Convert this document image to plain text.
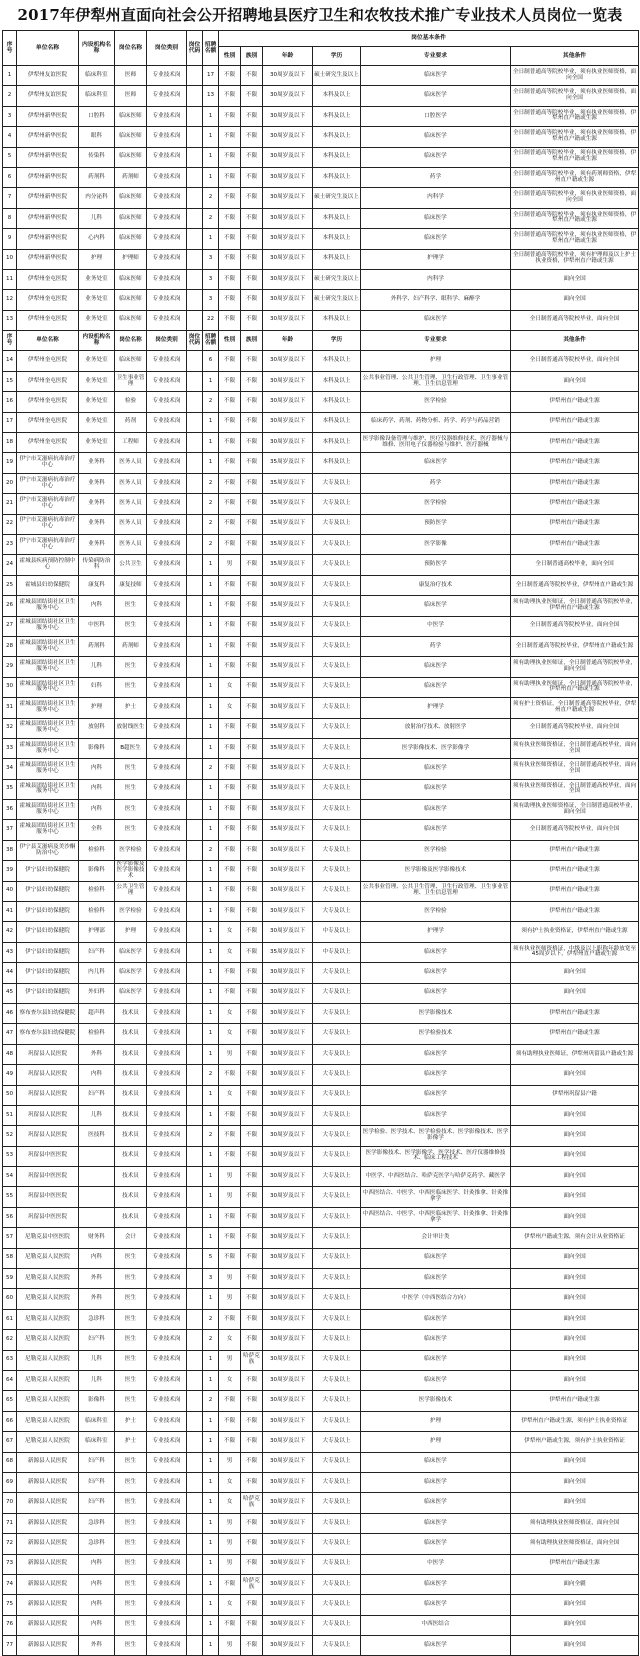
2017年伊犁州直面向社会公开招聘地县医疗卫生和农牧技术推广专业技术人员岗位一览表
序号	单位名称	内设机构名称	岗位名称	岗位类别	岗位代码	招聘名额	岗位基本条件					
							性别	族别	年龄	学历	专业要求	其他条件
1	伊犁州友谊医院	临床科室	医师	专业技术岗		17	不限	不限	30周岁及以下	硕士研究生及以上	临床医学	全日制普通高等院校毕业，须有执业医师资格，面向全国
2	伊犁州友谊医院	临床科室	医师	专业技术岗		13	不限	不限	30周岁及以下	本科及以上	临床医学	全日制普通高等院校毕业，须有执业医师资格，面向全国
3	伊犁州新华医院	口腔科	临床医师	专业技术岗		1	不限	不限	30周岁及以下	本科及以上	口腔医学	全日制普通高等院校毕业，须有执业医师资格，伊犁州直户籍或生源
4	伊犁州新华医院	眼科	临床医师	专业技术岗		1	不限	不限	30周岁及以下	本科及以上	临床医学	全日制普通高等院校毕业，须有执业医师资格，伊犁州直户籍或生源
5	伊犁州新华医院	传染科	临床医师	专业技术岗		1	不限	不限	30周岁及以下	本科及以上	临床医学	全日制普通高等院校毕业，须有执业医师资格，伊犁州直户籍或生源
6	伊犁州新华医院	药剂科	药剂师	专业技术岗		1	不限	不限	30周岁及以下	本科及以上	药学	全日制普通高等院校毕业，须有药剂师资格，伊犁州直户籍或生源
7	伊犁州新华医院	内分泌科	临床医师	专业技术岗		2	不限	不限	30周岁及以下	硕士研究生及以上	内科学	全日制普通高等院校毕业，须有执业医师资格，面向全国
8	伊犁州新华医院	儿科	临床医师	专业技术岗		2	不限	不限	30周岁及以下	本科及以上	临床医学	全日制普通高等院校毕业，须有执业医师资格，伊犁州直户籍或生源
9	伊犁州新华医院	心内科	临床医师	专业技术岗		1	不限	不限	30周岁及以下	本科及以上	临床医学	全日制普通高等院校毕业，须有执业医师资格，伊犁州直户籍或生源
10	伊犁州新华医院	护理	护理师	专业技术岗		3	不限	不限	30周岁及以下	本科及以上	护理学	全日制普通高等院校毕业，须有护理师及以上护士执业资格，伊犁州直户籍或生源
11	伊犁州奎屯医院	业务处室	临床医师	专业技术岗		3	不限	不限	30周岁及以下	硕士研究生及以上	内科学	面向全国
12	伊犁州奎屯医院	业务处室	临床医师	专业技术岗		3	不限	不限	30周岁及以下	硕士研究生及以上	外科学、妇产科学、眼科学、麻醉学	面向全国
13	伊犁州奎屯医院	业务处室	临床医师	专业技术岗		22	不限	不限	30周岁及以下	本科及以上	临床医学	全日制普通高等院校毕业，面向全国
序号	单位名称	内设机构名称	岗位名称	岗位类别	岗位代码	招聘名额	性别	族别	年龄	学历	专业要求	其他条件
14	伊犁州奎屯医院	业务处室	临床医师	专业技术岗		6	不限	不限	30周岁及以下	本科及以上	护理	全日制普通高等院校毕业，面向全国
15	伊犁州奎屯医院	业务处室	卫生事业管理	专业技术岗		1	不限	不限	30周岁及以下	本科及以上	公共事业管理、公共卫生管理、卫生行政管理、卫生事业管理、卫生信息管理	面向全国
16	伊犁州奎屯医院	业务处室	检验	专业技术岗		2	不限	不限	30周岁及以下	本科及以上	医学检验	伊犁州直户籍或生源
17	伊犁州奎屯医院	业务处室	药剂	专业技术岗		1	不限	不限	30周岁及以下	本科及以上	临床药学、药剂、药物分析、药学、药学与药品营销	伊犁州直户籍或生源
18	伊犁州奎屯医院	业务处室	工程师	专业技术岗		1	不限	不限	30周岁及以下	本科及以上	医学影像设备管理与维护、医疗仪器维修技术、医疗器械与维修、医用电子仪器检验与维护、医疗器械	伊犁州直户籍或生源
19	伊宁市艾滋病抗毒治疗中心	业务科	医务人员	专业技术岗		1	不限	不限	35周岁及以下	本科及以上	临床医学	伊犁州直户籍或生源
20	伊宁市艾滋病抗毒治疗中心	业务科	医务人员	专业技术岗		2	不限	不限	35周岁及以下	大专及以上	药学	伊犁州直户籍或生源
21	伊宁市艾滋病抗毒治疗中心	业务科	医务人员	专业技术岗		2	不限	不限	35周岁及以下	大专及以上	医学检验	伊犁州直户籍或生源
22	伊宁市艾滋病抗毒治疗中心	业务科	医务人员	专业技术岗		2	不限	不限	35周岁及以下	大专及以上	预防医学	伊犁州直户籍或生源
23	伊宁市艾滋病抗毒治疗中心	业务科	医务人员	专业技术岗		2	不限	不限	35周岁及以下	大专及以上	医学影像	伊犁州直户籍或生源
24	霍城县疾病预防控制中心	传染病防治科	公共卫生	专业技术岗		1	男	不限	35周岁及以下	大专及以上	预防医学	全日制普通高校毕业，面向全国
25	霍城县妇幼保健院	康复科	康复技师	专业技术岗		1	不限	不限	30周岁及以下	大专及以上	康复治疗技术	全日制普通高等院校毕业，伊犁州直户籍或生源
26	霍城县团结街社区卫生服务中心	内科	医生	专业技术岗		1	不限	不限	35周岁及以下	大专及以上	临床医学	须有助理执业医师证，全日制普通高等院校毕业，伊犁州直户籍或生源
27	霍城县团结街社区卫生服务中心	中医科	医生	专业技术岗		1	不限	不限	35周岁及以下	大专及以上	中医学	全日制普通高等院校毕业，面向全国
28	霍城县团结街社区卫生服务中心	药剂科	药剂师	专业技术岗		1	不限	不限	35周岁及以下	大专及以上	药学	全日制普通高等院校毕业，伊犁州直户籍或生源
29	霍城县团结街社区卫生服务中心	儿科	医生	专业技术岗		1	不限	不限	35周岁及以下	大专及以上	临床医学	须有助理执业医师证，全日制普通高等院校毕业，面向全国
30	霍城县团结街社区卫生服务中心	妇科	医生	专业技术岗		1	女	不限	35周岁及以下	大专及以上	临床医学	须有助理执业医师证，全日制普通高等院校毕业，伊犁州直户籍或生源
31	霍城县团结街社区卫生服务中心	护理	护士	专业技术岗		1	女	不限	30周岁及以下	大专及以上	护理学	须有护士资格证，全日制普通高等院校毕业，伊犁州直户籍或生源
32	霍城县团结街社区卫生服务中心	放射科	放射线医生	专业技术岗		1	不限	不限	35周岁及以下	大专及以上	放射治疗技术、放射医学	全日制普通高等院校毕业，面向全国
33	霍城县团结街社区卫生服务中心	影像科	B超医生	专业技术岗		1	不限	不限	35周岁及以下	大专及以上	医学影像技术、医学影像学	须有执业医师资格证，全日制普通高校毕业，面向全国
34	霍城县团结街社区卫生服务中心	内科	医生	专业技术岗		2	不限	不限	35周岁及以下	大专及以上	临床医学	须有执业医师资格证，全日制普通高校毕业，面向全国
35	霍城县团结街社区卫生服务中心	内科	医生	专业技术岗		1	不限	不限	35周岁及以下	大专及以上	临床医学	须有执业医师资格证，全日制普通高校毕业，面向全国
36	霍城县团结街社区卫生服务中心	内科	医生	专业技术岗		1	不限	不限	35周岁及以下	大专及以上	临床医学	须有助理执业医师资格证，全日制普通高校毕业，面向全国
37	霍城县团结街社区卫生服务中心	全科	医生	专业技术岗		1	不限	不限	35周岁及以下	大专及以上	临床医学	全日制普通高等院校毕业，面向全国
38	伊宁县艾滋病及美沙酮防治中心	检验科	医学检验	专业技术岗		2	不限	不限	30周岁及以下	大专及以上	医学检验	伊犁州直户籍或生源
39	伊宁县妇幼保健院	影像科	医学影像及医学影像技术	专业技术岗		1	不限	不限	30周岁及以下	大专及以上	医学影像及医学影像技术	伊犁州直户籍或生源
40	伊宁县妇幼保健院	检验科	公共卫生管理	专业技术岗		1	不限	不限	30周岁及以下	大专及以上	公共事业管理、公共卫生管理、卫生行政管理、卫生事业管理、卫生信息管理	伊犁州直户籍或生源
41	伊宁县妇幼保健院	检验科	医学检验	专业技术岗		1	不限	不限	30周岁及以下	大专及以上	医学检验	伊犁州直户籍或生源
42	伊宁县妇幼保健院	护理部	护理	专业技术岗		1	女	不限	30周岁及以下	中专及以上	护理学	须有护士执业资格证，伊犁州直户籍或生源
43	伊宁县妇幼保健院	妇产科	临床医学	专业技术岗		1	女	不限	35周岁及以下	中专及以上	临床医学	须有执业医师资格证，中级及以上职称年龄放宽至45周岁以下，伊犁州直户籍或生源
44	伊宁县妇幼保健院	内儿科	临床医学	专业技术岗		1	不限	不限	30周岁及以下	大专及以上	临床医学	面向全国
45	伊宁县妇幼保健院	外妇科	临床医学	专业技术岗		1	不限	不限	30周岁及以下	大专及以上	临床医学	面向全国
46	察布查尔县妇幼保健院	超声科	技术员	专业技术岗		1	女	不限	30周岁及以下	大专及以上	医学影像技术	伊犁州直户籍或生源
47	察布查尔县妇幼保健院	检验科	技术员	专业技术岗		1	女	不限	30周岁及以下	大专及以上	医学检验技术	伊犁州直户籍或生源
48	巩留县人民医院	外科	技术员	专业技术岗		1	男	不限	30周岁及以下	大专及以上	临床医学	须有助理执业医师证，伊犁州巩留县户籍或生源
49	巩留县人民医院	内科	技术员	专业技术岗		2	不限	不限	30周岁及以下	大专及以上	临床医学	面向全国
50	巩留县人民医院	妇产科	技术员	专业技术岗		1	女	不限	30周岁及以下	大专及以上	临床医学	伊犁州巩留县户籍
51	巩留县人民医院	儿科	技术员	专业技术岗		1	不限	不限	30周岁及以下	大专及以上	临床医学	面向全国
52	巩留县人民医院	医技科	技术员	专业技术岗		2	不限	不限	30周岁及以下	大专及以上	医学检验、医学技术、医学检验技术、医学影像技术、医学影像学	面向全国
53	巩留县中医医院		技术员	专业技术岗		1	不限	不限	30周岁及以下	大专及以上	医学影像技术、医学影像学、医学技术、医疗仪器维修技术、临床工程技术	面向全国
54	巩留县中医医院		技术员	专业技术岗		1	男	不限	30周岁及以下	大专及以上	中医学、中西医结合、哈萨克医学与哈萨克药学、藏医学	面向全国
55	巩留县中医医院		技术员	专业技术岗		1	男	不限	30周岁及以下	大专及以上	中西医结合、中医学、中西医临床医学、针灸推拿、针灸推拿学	面向全国
56	巩留县中医医院		技术员	专业技术岗		1	不限	不限	30周岁及以下	大专及以上	中西医结合、中医学、中西医临床医学、针灸推拿、针灸推拿学	面向全国
57	尼勒克县中医医院	财务科	会计	专业技术岗		1	不限	不限	30周岁及以下	大专及以上	会计审计类	伊犁州户籍或生源，须有会计从业资格证
58	尼勒克县人民医院	内科	医生	专业技术岗		5	不限	不限	30周岁及以下	大专及以上	临床医学	面向全国
59	尼勒克县人民医院	外科	医生	专业技术岗		3	男	不限	30周岁及以下	大专及以上	临床医学	面向全国
60	尼勒克县人民医院	外科	医生	专业技术岗		1	男	不限	30周岁及以下	大专及以上	中医学（中西医结合方向）	面向全国
61	尼勒克县人民医院	急诊科	医生	专业技术岗		2	不限	不限	30周岁及以下	大专及以上	临床医学	面向全国
62	尼勒克县人民医院	妇产科	医生	专业技术岗		2	女	不限	30周岁及以下	大专及以上	临床医学	面向全国
63	尼勒克县人民医院	儿科	医生	专业技术岗		1	男	哈萨克族	30周岁及以下	大专及以上	临床医学	面向全国
64	尼勒克县人民医院	儿科	医生	专业技术岗		1	女	不限	30周岁及以下	大专及以上	临床医学	面向全国
65	尼勒克县人民医院	影像科	医生	专业技术岗		2	不限	不限	30周岁及以下	大专及以上	医学影像技术	伊犁州直户籍或生源
66	尼勒克县人民医院	临床科室	护士	专业技术岗		1	不限	不限	30周岁及以下	大专及以上	护理	伊犁州直户籍或生源，须有护士执业资格证
67	尼勒克县人民医院	临床科室	护士	专业技术岗		1	不限	不限	30周岁及以下	大专及以上	护理	伊犁州户籍或生源，须有护士执业资格证
68	新源县人民医院	妇产科	医生	专业技术岗		1	男	不限	30周岁及以下	大专及以上	临床医学	面向全国
69	新源县人民医院	妇产科	医生	专业技术岗		1	女	不限	30周岁及以下	大专及以上	临床医学	面向全国
70	新源县人民医院	妇产科	医生	专业技术岗		1	女	哈萨克族	30周岁及以下	大专及以上	临床医学	面向全国
71	新源县人民医院	急诊科	医生	专业技术岗		1	男	不限	30周岁及以下	大专及以上	临床医学	须有助理执业医师资格证，面向全国
72	新源县人民医院	急诊科	医生	专业技术岗		1	男	不限	30周岁及以下	大专及以上	临床医学	须有助理执业医师资格证，面向全国
73	新源县人民医院	内科	医生	专业技术岗		1	男	不限	30周岁及以下	大专及以上	中医学	伊犁州直户籍或生源
74	新源县人民医院	内科	医生	专业技术岗		1	不限	哈萨克族	30周岁及以下	大专及以上	临床医学	面向全疆
75	新源县人民医院	内科	医生	专业技术岗		1	女	不限	30周岁及以下	大专及以上	临床医学	面向全国
76	新源县人民医院	内科	医生	专业技术岗		1	不限	不限	30周岁及以下	大专及以上	中西医结合	面向全国
77	新源县人民医院	外科	医生	专业技术岗		1	男	不限	30周岁及以下	大专及以上	临床医学	面向全国
